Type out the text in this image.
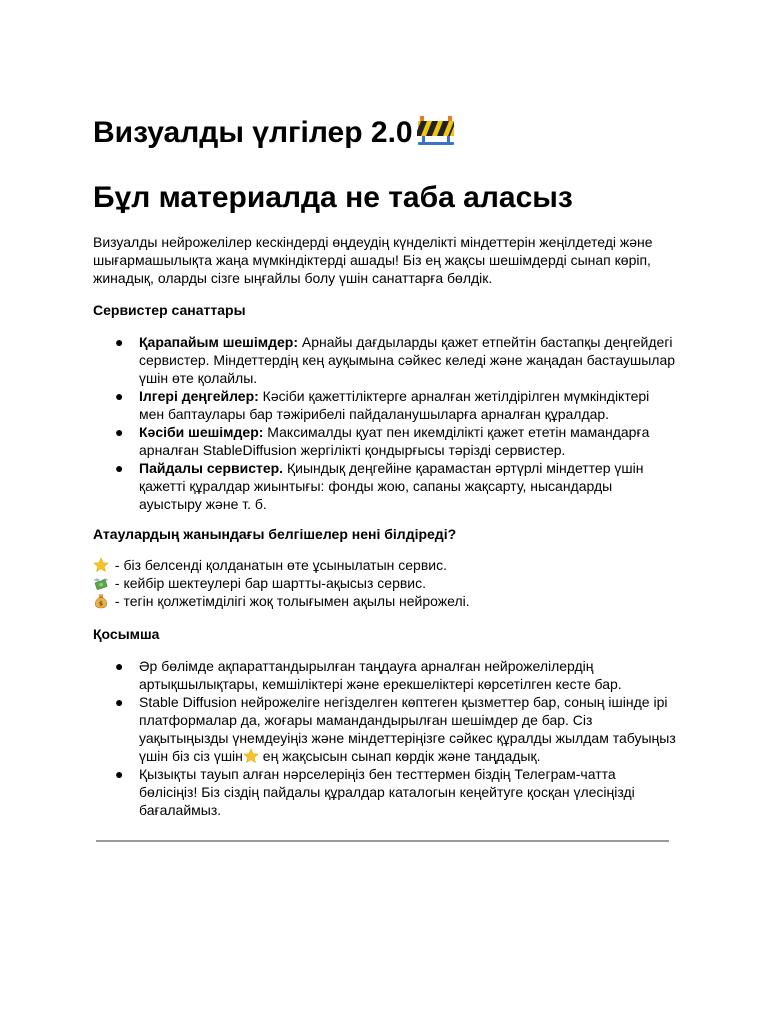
Визуалды үлгілер 2.0
Бұл материалда не таба аласыз

Визуалды нейрожелілер кескіндерді өңдеудің күнделікті міндеттерін жеңілдетеді және шығармашылықта жаңа мүмкіндіктерді ашады! Біз ең жақсы шешімдерді сынап көріп, жинадық, оларды сізге ыңғайлы болу үшін санаттарға бөлдік.

Сервистер санаттары
● Қарапайым шешімдер: Арнайы дағдыларды қажет етпейтін бастапқы деңгейдегі сервистер. Міндеттердің кең ауқымына сәйкес келеді және жаңадан бастаушылар үшін өте қолайлы.
● Ілгері деңгейлер: Кәсіби қажеттіліктерге арналған жетілдірілген мүмкіндіктері мен баптаулары бар тәжірибелі пайдаланушыларға арналған құралдар.
● Кәсіби шешімдер: Максималды қуат пен икемділікті қажет ететін мамандарға арналған StableDiffusion жергілікті қондырғысы тәрізді сервистер.
● Пайдалы сервистер. Қиындық деңгейіне қарамастан әртүрлі міндеттер үшін қажетті құралдар жиынтығы: фонды жою, сапаны жақсарту, нысандарды ауыстыру және т. б.
Атаулардың жанындағы белгішелер нені білдіреді?
- біз белсенді қолданатын өте ұсынылатын сервис.
- кейбір шектеулері бар шартты-ақысыз сервис.
$ - тегін қолжетімділігі жоқ толығымен ақылы нейрожелі.
Қосымша
● Әр бөлімде ақпараттандырылған таңдауға арналған нейрожелілердің артықшылықтары, кемшіліктері және ерекшеліктері көрсетілген кесте бар.
● Stable Diffusion нейрожеліге негізделген көптеген қызметтер бар, соның ішінде ірі платформалар да, жоғары мамандандырылған шешімдер де бар. Сіз уақытыңызды үнемдеуіңіз және міндеттеріңізге сәйкес құралды жылдам табуыңыз үшін біз сіз үшін ең жақсысын сынап көрдік және таңдадық.
● Қызықты тауып алған нәрселеріңіз бен тесттермен біздің Телеграм-чатта бөлісіңіз! Біз сіздің пайдалы құралдар каталогын кеңейтуге қосқан үлесіңізді бағалаймыз.
